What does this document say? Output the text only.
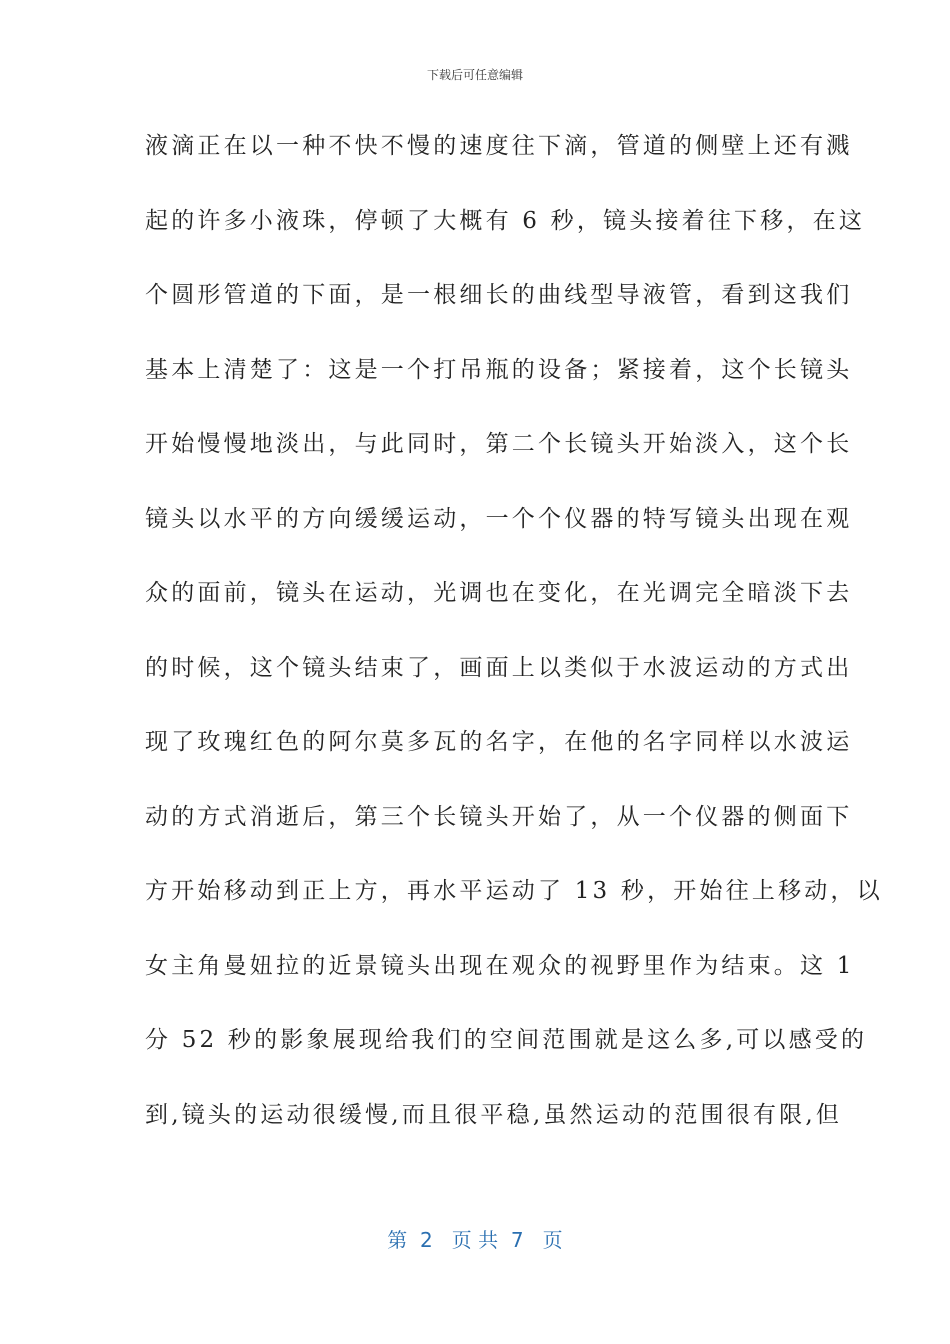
下载后可任意编辑
液滴正在以一种不快不慢的速度往下滴，管道的侧壁上还有溅
起的许多小液珠，停顿了大概有 6 秒，镜头接着往下移，在这
个圆形管道的下面，是一根细长的曲线型导液管，看到这我们
基本上清楚了：这是一个打吊瓶的设备；紧接着，这个长镜头
开始慢慢地淡出，与此同时，第二个长镜头开始淡入，这个长
镜头以水平的方向缓缓运动，一个个仪器的特写镜头出现在观
众的面前，镜头在运动，光调也在变化，在光调完全暗淡下去
的时候，这个镜头结束了，画面上以类似于水波运动的方式出
现了玫瑰红色的阿尔莫多瓦的名字，在他的名字同样以水波运
动的方式消逝后，第三个长镜头开始了，从一个仪器的侧面下
方开始移动到正上方，再水平运动了 13 秒，开始往上移动，以
女主角曼妞拉的近景镜头出现在观众的视野里作为结束。这 1
分 52 秒的影象展现给我们的空间范围就是这么多,可以感受的
到,镜头的运动很缓慢,而且很平稳,虽然运动的范围很有限,但
第  2   页 共  7   页
